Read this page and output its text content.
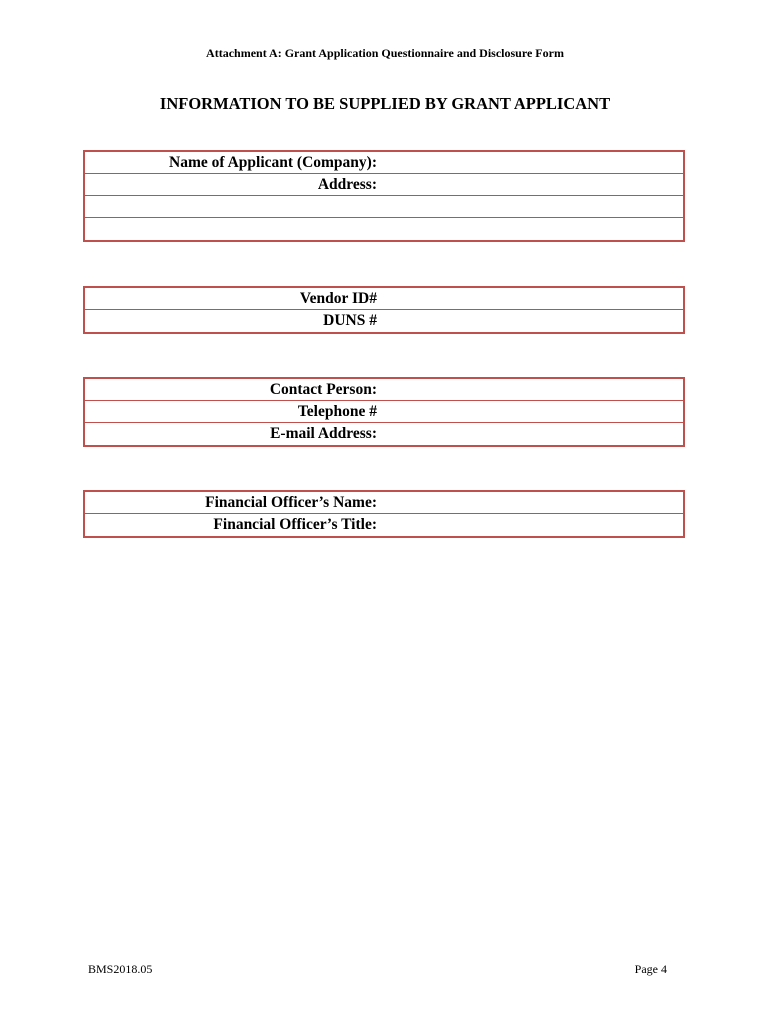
Attachment A: Grant Application Questionnaire and Disclosure Form
INFORMATION TO BE SUPPLIED BY GRANT APPLICANT
Name of Applicant (Company):
Address:
Vendor ID#
DUNS #
Contact Person:
Telephone #
E-mail Address:
Financial Officer’s Name:
Financial Officer’s Title:
BMS2018.05	Page 4
